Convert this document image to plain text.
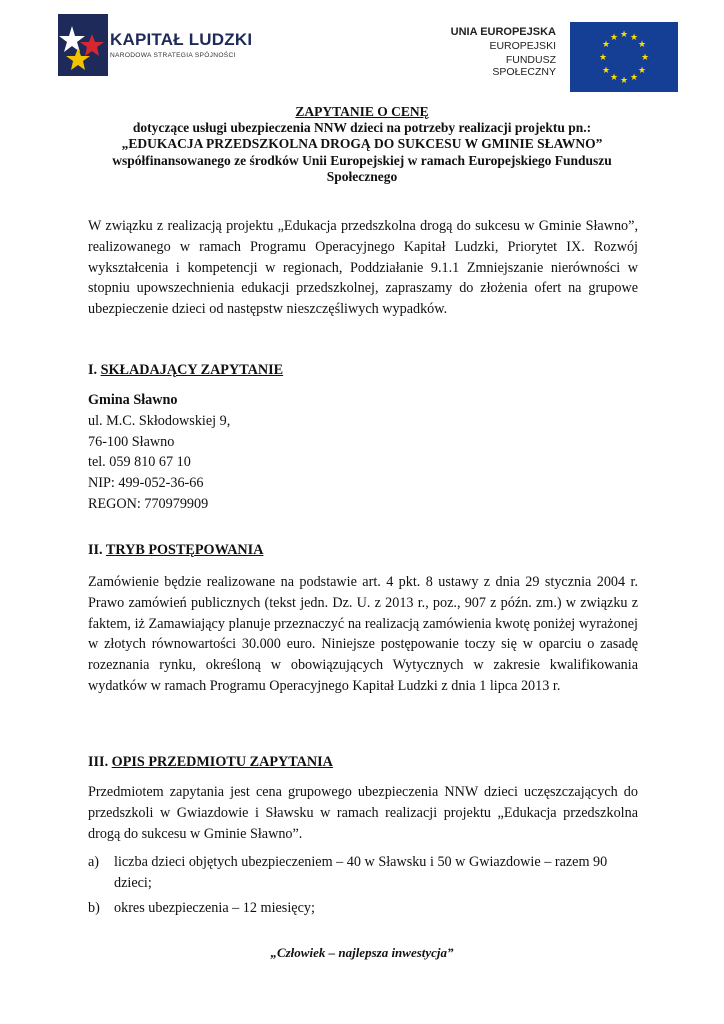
KAPITAŁ LUDZKI
NARODOWA STRATEGIA SPÓJNOŚCI
UNIA EUROPEJSKA
EUROPEJSKI
FUNDUSZ SPOŁECZNY
★ ★
★
★
★
★
★
★
★
★
★
★
ZAPYTANIE O CENĘ
dotyczące usługi ubezpieczenia NNW dzieci na potrzeby realizacji projektu pn.:
„EDUKACJA PRZEDSZKOLNA DROGĄ DO SUKCESU W GMINIE SŁAWNO”
współfinansowanego ze środków Unii Europejskiej w ramach Europejskiego Funduszu Społecznego
W związku z realizacją projektu „Edukacja przedszkolna drogą do sukcesu w Gminie Sławno”, realizowanego w ramach Programu Operacyjnego Kapitał Ludzki, Priorytet IX. Rozwój wykształcenia i kompetencji w regionach, Poddziałanie 9.1.1 Zmniejszanie nierówności w stopniu upowszechnienia edukacji przedszkolnej, zapraszamy do złożenia ofert na grupowe ubezpieczenie dzieci od następstw nieszczęśliwych wypadków.
I. SKŁADAJĄCY ZAPYTANIE
Gmina Sławno
ul. M.C. Skłodowskiej 9,
76-100 Sławno
tel. 059 810 67 10
NIP: 499-052-36-66
REGON: 770979909
II. TRYB POSTĘPOWANIA
Zamówienie będzie realizowane na podstawie art. 4 pkt. 8 ustawy z dnia 29 stycznia 2004 r. Prawo zamówień publicznych (tekst jedn. Dz. U. z 2013 r., poz., 907 z późn. zm.) w związku z faktem, iż Zamawiający planuje przeznaczyć na realizacją zamówienia kwotę poniżej wyrażonej w złotych równowartości 30.000 euro. Niniejsze postępowanie toczy się w oparciu o zasadę rozeznania rynku, określoną w obowiązujących Wytycznych w zakresie kwalifikowania wydatków w ramach Programu Operacyjnego Kapitał Ludzki z dnia 1 lipca 2013 r.
III. OPIS PRZEDMIOTU ZAPYTANIA
Przedmiotem zapytania jest cena grupowego ubezpieczenia NNW dzieci uczęszczających do przedszkoli w Gwiazdowie i Sławsku w ramach realizacji projektu „Edukacja przedszkolna drogą do sukcesu w Gminie Sławno”.
a) liczba dzieci objętych ubezpieczeniem – 40 w Sławsku i 50 w Gwiazdowie – razem 90 dzieci;
b) okres ubezpieczenia – 12 miesięcy;
„Człowiek – najlepsza inwestycja”
